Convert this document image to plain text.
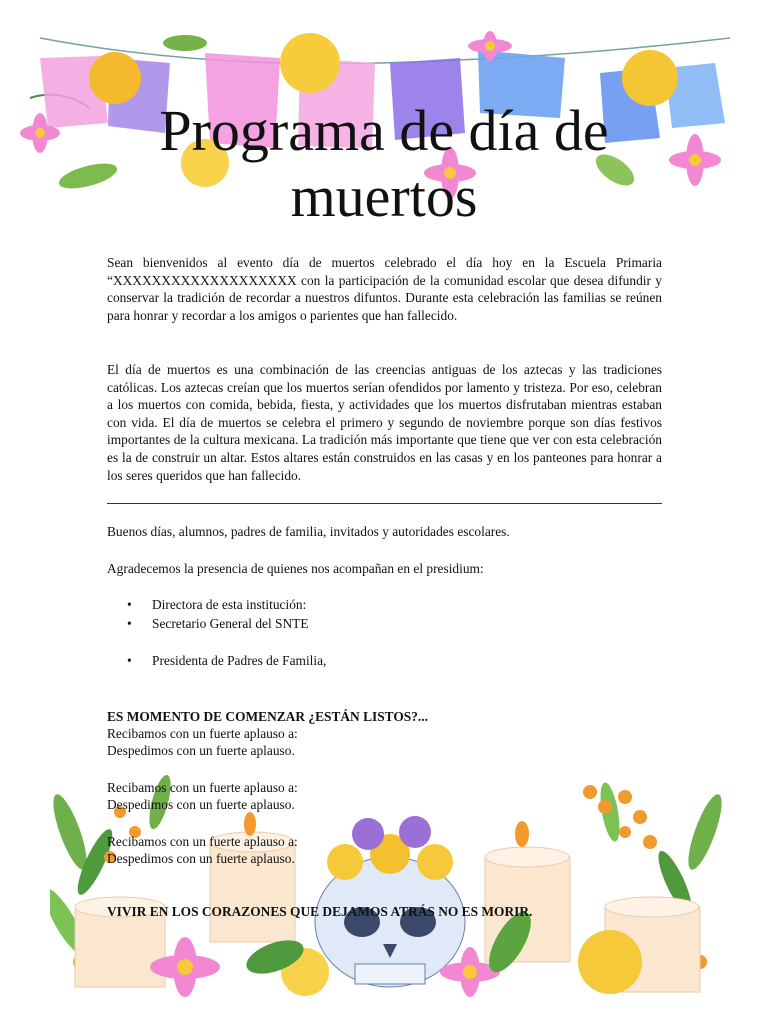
Programa de día de muertos
Sean bienvenidos al evento día de muertos celebrado el día hoy en la Escuela Primaria “XXXXXXXXXXXXXXXXXXX con la participación de la comunidad escolar que desea difundir y conservar la tradición de recordar a nuestros difuntos. Durante esta celebración las familias se reúnen para honrar y recordar a los amigos o parientes que han fallecido.
El día de muertos es una combinación de las creencias antiguas de los aztecas y las tradiciones católicas. Los aztecas creían que los muertos serían ofendidos por lamento y tristeza. Por eso, celebran a los muertos con comida, bebida, fiesta, y actividades que los muertos disfrutaban mientras estaban con vida. El día de muertos se celebra el primero y segundo de noviembre porque son días festivos importantes de la cultura mexicana. La tradición más importante que tiene que ver con esta celebración es la de construir un altar. Estos altares están construidos en las casas y en los panteones para honrar a los seres queridos que han fallecido.
Buenos días, alumnos, padres de familia, invitados y autoridades escolares.
Agradecemos la presencia de quienes nos acompañan en el presidium:
• Directora de esta institución:
• Secretario General del SNTE
• Presidenta de Padres de Familia,
ES MOMENTO DE COMENZAR ¿ESTÁN LISTOS?...
Recibamos con un fuerte aplauso a:
Despedimos con un fuerte aplauso.
Recibamos con un fuerte aplauso a:
Despedimos con un fuerte aplauso.
Recibamos con un fuerte aplauso a:
Despedimos con un fuerte aplauso.
VIVIR EN LOS CORAZONES QUE DEJAMOS ATRÁS NO ES MORIR.
